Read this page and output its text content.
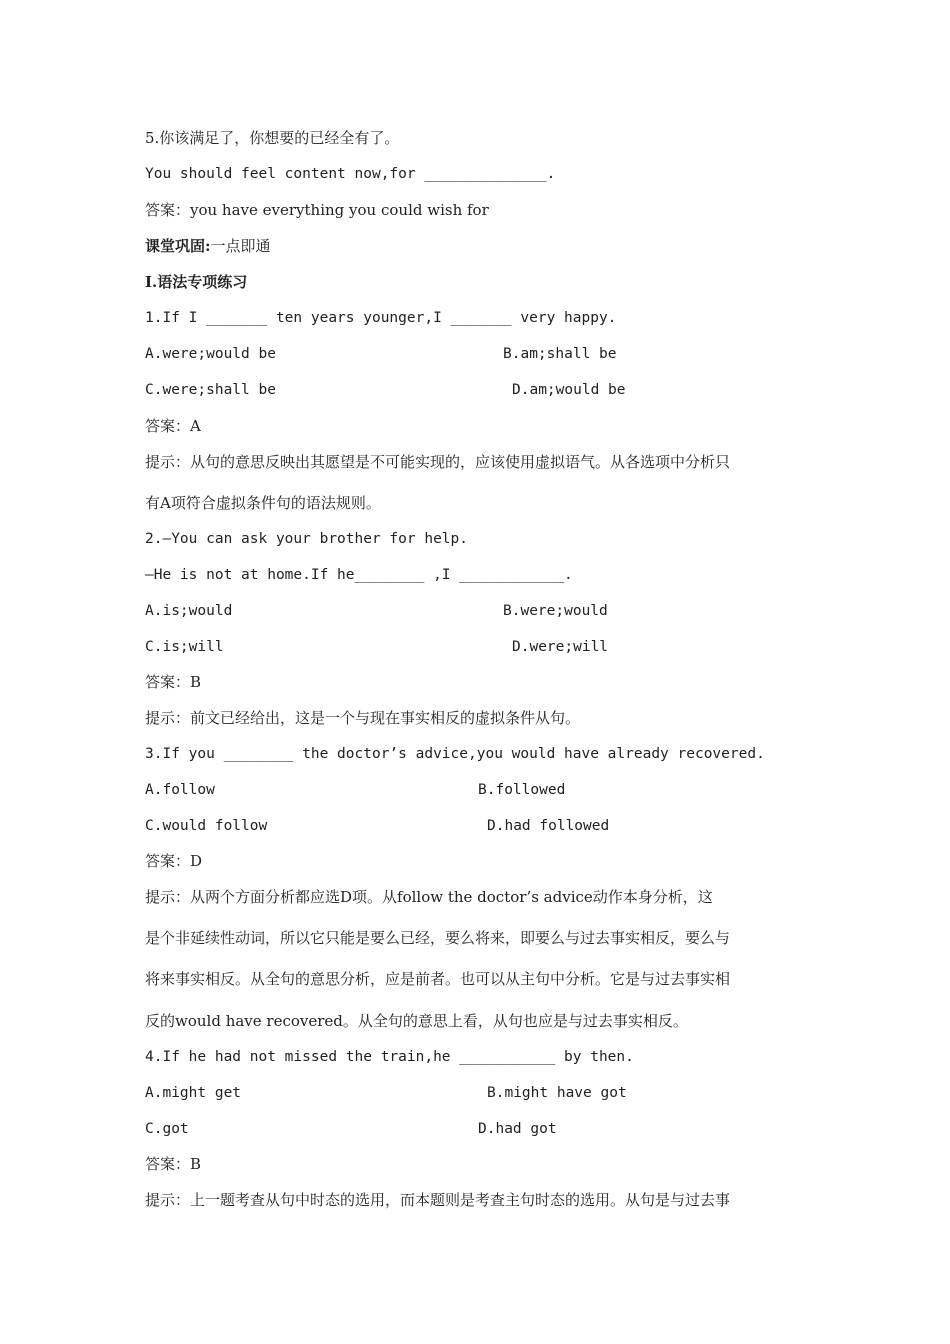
5.你该满足了，你想要的已经全有了。
You should feel content now,for ______________.
答案：you have everything you could wish for
课堂巩固:一点即通
Ⅰ.语法专项练习
1.If I _______ ten years younger,I _______ very happy.
A.were;would be	B.am;shall be
C.were;shall be	D.am;would be
答案：A
提示：从句的意思反映出其愿望是不可能实现的，应该使用虚拟语气。从各选项中分析只
有A项符合虚拟条件句的语法规则。
2.—You can ask your brother for help.
—He is not at home.If he________ ,I ____________.
A.is;would	B.were;would
C.is;will	D.were;will
答案：B
提示：前文已经给出，这是一个与现在事实相反的虚拟条件从句。
3.If you ________ the doctor’s advice,you would have already recovered.
A.follow	B.followed
C.would follow	D.had followed
答案：D
提示：从两个方面分析都应选D项。从follow the doctor’s advice动作本身分析，这
是个非延续性动词，所以它只能是要么已经，要么将来，即要么与过去事实相反，要么与
将来事实相反。从全句的意思分析，应是前者。也可以从主句中分析。它是与过去事实相
反的would have recovered。从全句的意思上看，从句也应是与过去事实相反。
4.If he had not missed the train,he ___________ by then.
A.might get	B.might have got
C.got	D.had got
答案：B
提示：上一题考查从句中时态的选用，而本题则是考查主句时态的选用。从句是与过去事
